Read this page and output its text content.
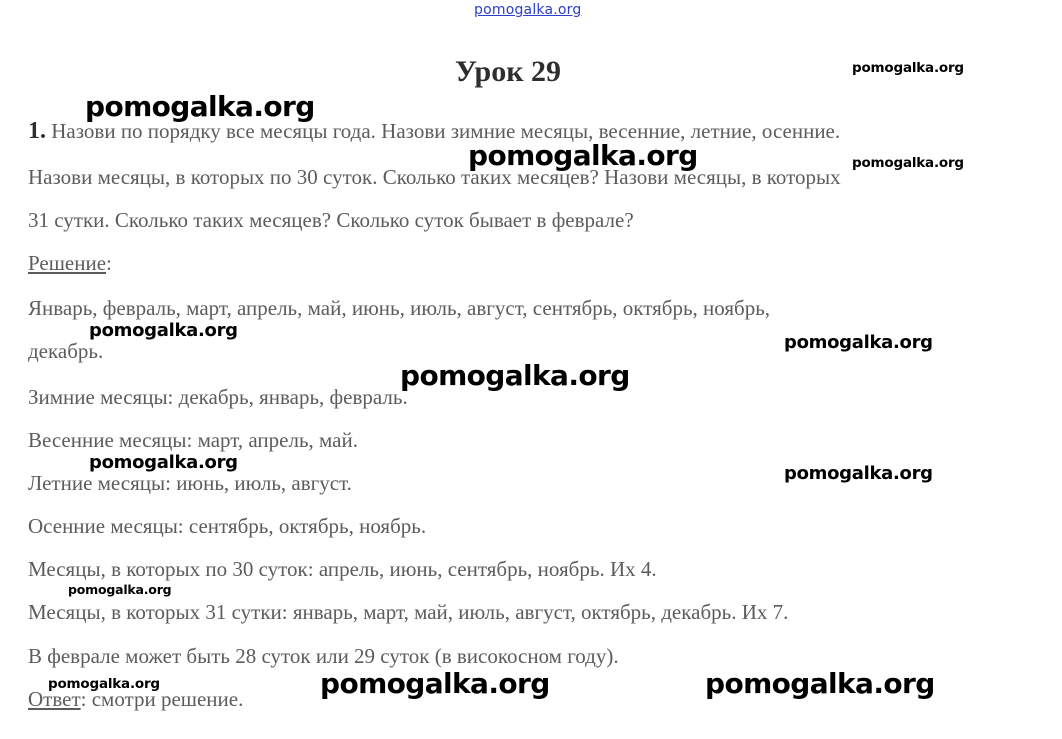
pomogalka.org
Урок 29
1. Назови по порядку все месяцы года. Назови зимние месяцы, весенние, летние, осенние.
Назови месяцы, в которых по 30 суток. Сколько таких месяцев? Назови месяцы, в которых
31 сутки. Сколько таких месяцев? Сколько суток бывает в феврале?
Решение:
Январь, февраль, март, апрель, май, июнь, июль, август, сентябрь, октябрь, ноябрь,
декабрь.
Зимние месяцы: декабрь, январь, февраль.
Весенние месяцы: март, апрель, май.
Летние месяцы: июнь, июль, август.
Осенние месяцы: сентябрь, октябрь, ноябрь.
Месяцы, в которых по 30 суток: апрель, июнь, сентябрь, ноябрь. Их 4.
Месяцы, в которых 31 сутки: январь, март, май, июль, август, октябрь, декабрь. Их 7.
В феврале может быть 28 суток или 29 суток (в високосном году).
Ответ: смотри решение.
pomogalka.org
pomogalka.org
pomogalka.org	pomogalka.org
pomogalka.org
pomogalka.org
pomogalka.org
pomogalka.org
pomogalka.org
pomogalka.org
pomogalka.org	pomogalka.org	pomogalka.org
